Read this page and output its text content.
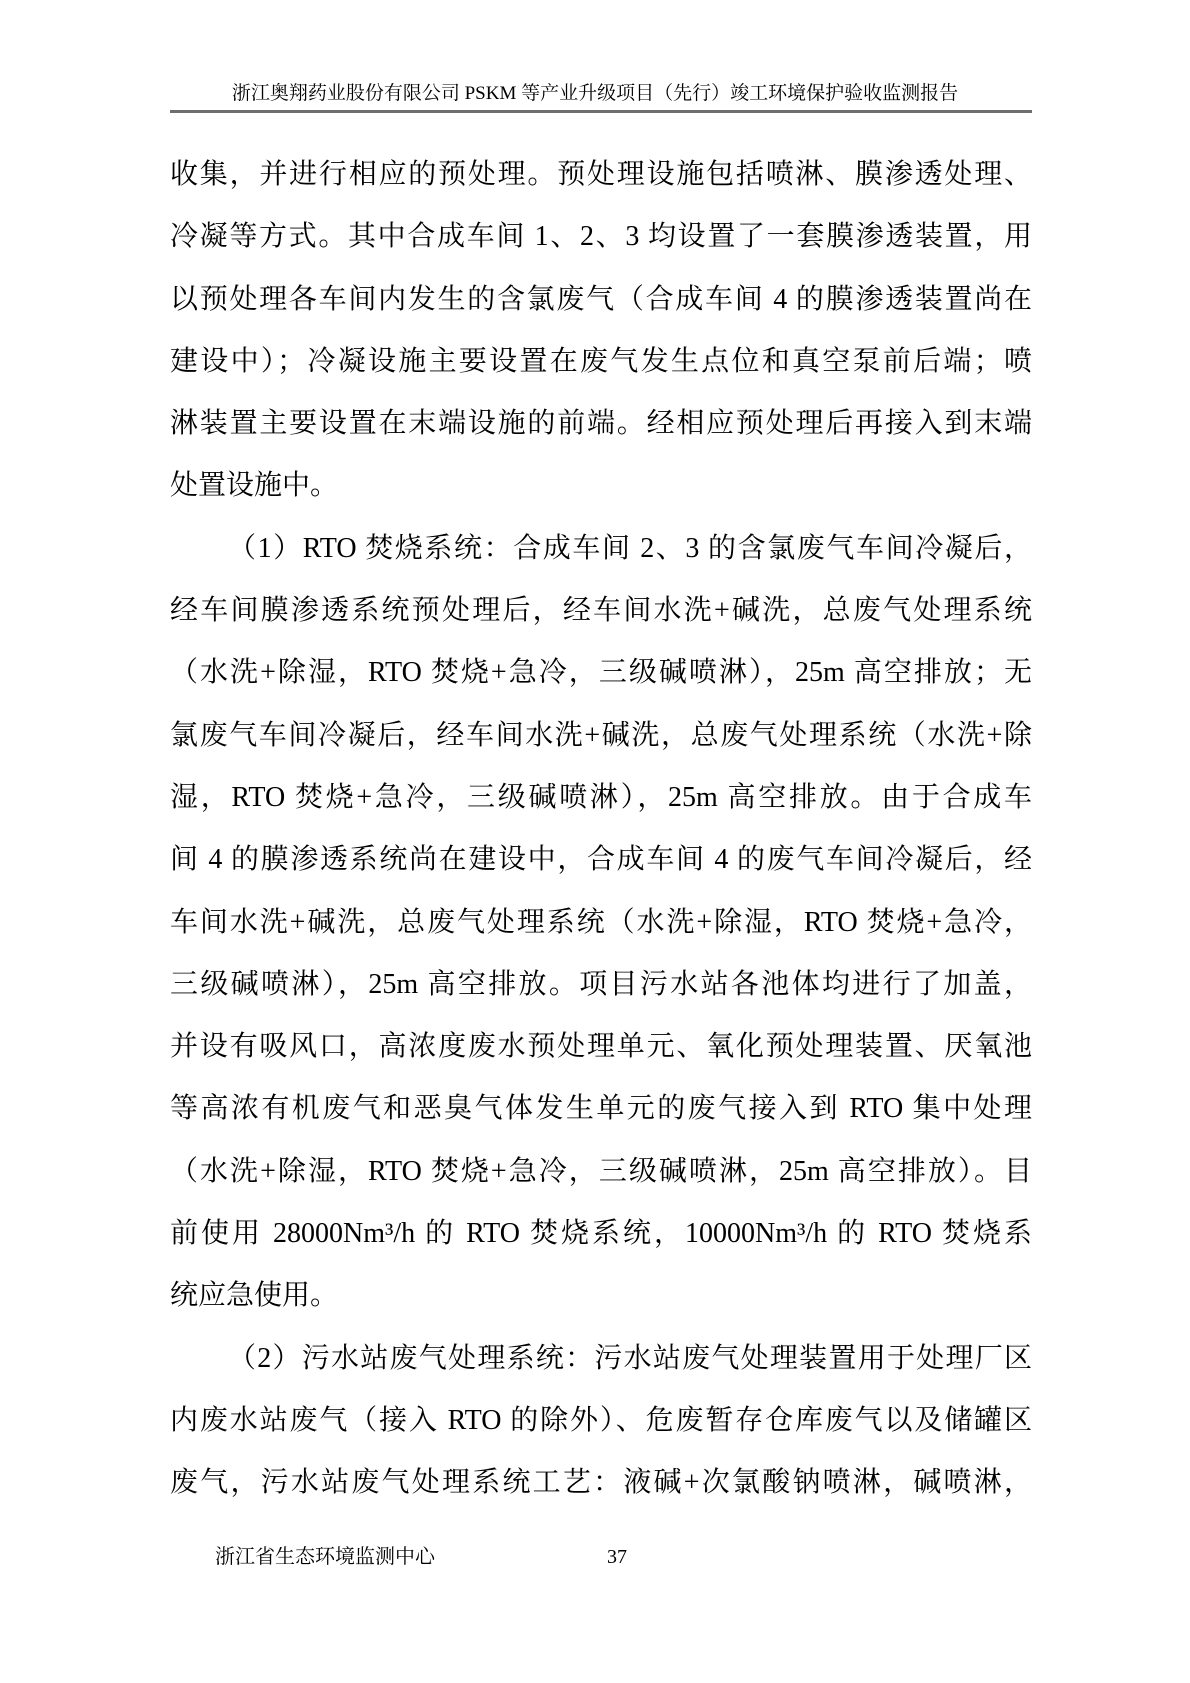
浙江奥翔药业股份有限公司 PSKM 等产业升级项目（先行）竣工环境保护验收监测报告
收集，并进行相应的预处理。预处理设施包括喷淋、膜渗透处理、
冷凝等方式。其中合成车间 1、2、3 均设置了一套膜渗透装置，用
以预处理各车间内发生的含氯废气（合成车间 4 的膜渗透装置尚在
建设中）；冷凝设施主要设置在废气发生点位和真空泵前后端；喷
淋装置主要设置在末端设施的前端。经相应预处理后再接入到末端
处置设施中。
（1）RTO 焚烧系统：合成车间 2、3 的含氯废气车间冷凝后，
经车间膜渗透系统预处理后，经车间水洗+碱洗，总废气处理系统
（水洗+除湿，RTO 焚烧+急冷，三级碱喷淋），25m 高空排放；无
氯废气车间冷凝后，经车间水洗+碱洗，总废气处理系统（水洗+除
湿，RTO 焚烧+急冷，三级碱喷淋），25m 高空排放。由于合成车
间 4 的膜渗透系统尚在建设中，合成车间 4 的废气车间冷凝后，经
车间水洗+碱洗，总废气处理系统（水洗+除湿，RTO 焚烧+急冷，
三级碱喷淋），25m 高空排放。项目污水站各池体均进行了加盖，
并设有吸风口，高浓度废水预处理单元、氧化预处理装置、厌氧池
等高浓有机废气和恶臭气体发生单元的废气接入到 RTO 集中处理
（水洗+除湿，RTO 焚烧+急冷，三级碱喷淋，25m 高空排放）。目
前使用 28000Nm³/h 的 RTO 焚烧系统，10000Nm³/h 的 RTO 焚烧系
统应急使用。
（2）污水站废气处理系统：污水站废气处理装置用于处理厂区
内废水站废气（接入 RTO 的除外）、危废暂存仓库废气以及储罐区
废气，污水站废气处理系统工艺：液碱+次氯酸钠喷淋，碱喷淋，
37
浙江省生态环境监测中心
